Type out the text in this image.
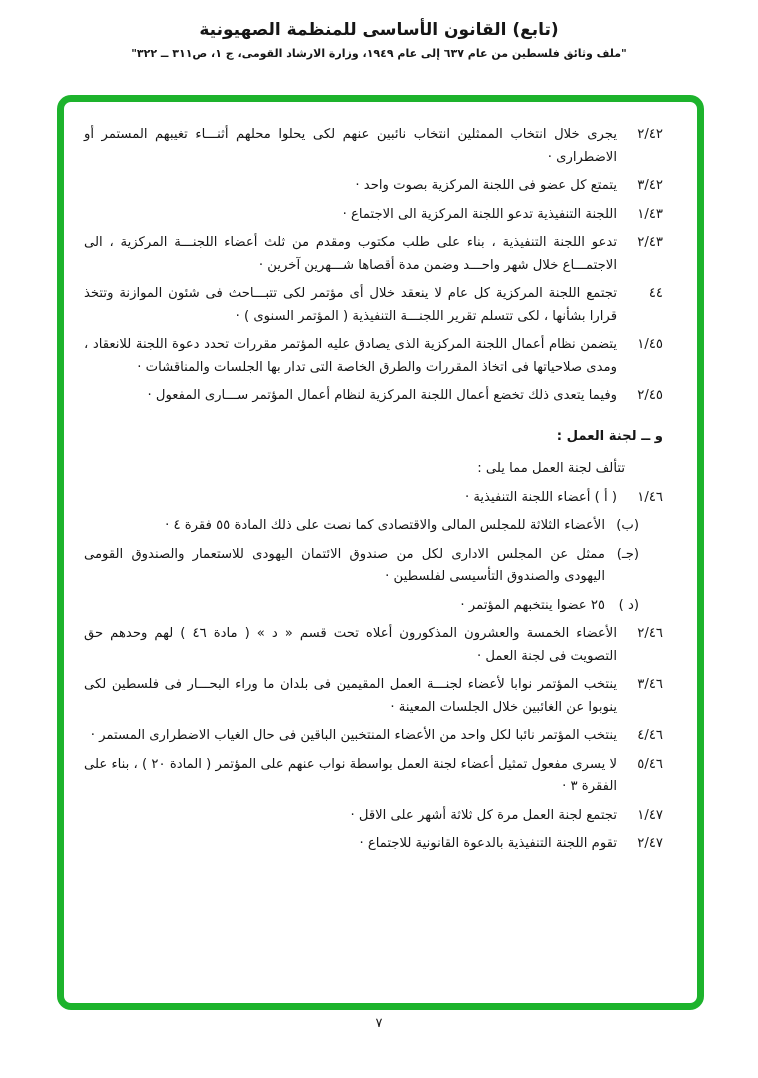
(تابع) القانون الأساسى للمنظمة الصهيونية
"ملف وثائق فلسطين من عام ٦٣٧ إلى عام ١٩٤٩، وزارة الارشاد القومى، ج ١، ص٣١١ ــ ٣٢٢"
٢/٤٢
يجرى خلال انتخاب الممثلين انتخاب نائبين عنهم لكى يحلوا محلهم أثنـــاء تغيبهم المستمر أو الاضطرارى ·
٣/٤٢
يتمتع كل عضو فى اللجنة المركزية بصوت واحد ·
١/٤٣
اللجنة التنفيذية تدعو اللجنة المركزية الى الاجتماع ·
٢/٤٣
تدعو اللجنة التنفيذية ، بناء على طلب مكتوب ومقدم من ثلث أعضاء اللجنـــة المركزية ، الى الاجتمـــاع خلال شهر واحـــد وضمن مدة أقصاها شـــهرين آخرين ·
٤٤
تجتمع اللجنة المركزية كل عام لا ينعقد خلال أى مؤتمر لكى تتبـــاحث فى شئون الموازنة وتتخذ قرارا بشأنها ، لكى تتسلم تقرير اللجنـــة التنفيذية ( المؤتمر السنوى ) ·
١/٤٥
يتضمن نظام أعمال اللجنة المركزية الذى يصادق عليه المؤتمر مقررات تحدد دعوة اللجنة للانعقاد ، ومدى صلاحياتها فى اتخاذ المقررات والطرق الخاصة التى تدار بها الجلسات والمناقشات ·
٢/٤٥
وفيما يتعدى ذلك تخضع أعمال اللجنة المركزية لنظام أعمال المؤتمر ســـارى المفعول ·
و ــ لجنة العمل :
تتألف لجنة العمل مما يلى :
١/٤٦
( أ ) أعضاء اللجنة التنفيذية ·
(ب)
الأعضاء الثلاثة للمجلس المالى والاقتصادى كما نصت على ذلك المادة ٥٥ فقرة ٤ ·
(جـ)
ممثل عن المجلس الادارى لكل من صندوق الائتمان اليهودى للاستعمار والصندوق القومى اليهودى والصندوق التأسيسى لفلسطين ·
(د )
٢٥ عضوا ينتخبهم المؤتمر ·
٢/٤٦
الأعضاء الخمسة والعشرون المذكورون أعلاه تحت قسم « د » ( مادة ٤٦ ) لهم وحدهم حق التصويت فى لجنة العمل ·
٣/٤٦
ينتخب المؤتمر نوابا لأعضاء لجنـــة العمل المقيمين فى بلدان ما وراء البحـــار فى فلسطين لكى ينوبوا عن الغائبين خلال الجلسات المعينة ·
٤/٤٦
ينتخب المؤتمر نائبا لكل واحد من الأعضاء المنتخبين الباقين فى حال الغياب الاضطرارى المستمر ·
٥/٤٦
لا يسرى مفعول تمثيل أعضاء لجنة العمل بواسطة نواب عنهم على المؤتمر ( المادة ٢٠ ) ، بناء على الفقرة ٣ ·
١/٤٧
تجتمع لجنة العمل مرة كل ثلاثة أشهر على الاقل ·
٢/٤٧
تقوم اللجنة التنفيذية بالدعوة القانونية للاجتماع ·
٧
